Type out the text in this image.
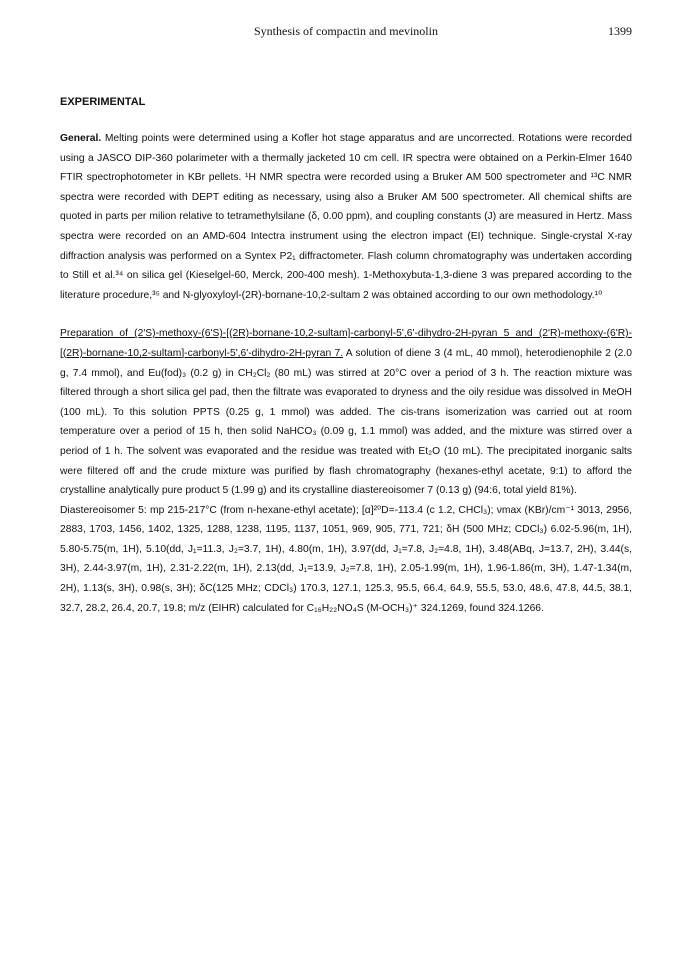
Synthesis of compactin and mevinolin	1399
EXPERIMENTAL

General. Melting points were determined using a Kofler hot stage apparatus and are uncorrected. Rotations were recorded using a JASCO DIP-360 polarimeter with a thermally jacketed 10 cm cell. IR spectra were obtained on a Perkin-Elmer 1640 FTIR spectrophotometer in KBr pellets. ¹H NMR spectra were recorded using a Bruker AM 500 spectrometer and ¹³C NMR spectra were recorded with DEPT editing as necessary, using also a Bruker AM 500 spectrometer. All chemical shifts are quoted in parts per milion relative to tetramethylsilane (δ, 0.00 ppm), and coupling constants (J) are measured in Hertz. Mass spectra were recorded on an AMD-604 Intectra instrument using the electron impact (EI) technique. Single-crystal X-ray diffraction analysis was performed on a Syntex P2₁ diffractometer. Flash column chromatography was undertaken according to Still et al.³⁴ on silica gel (Kieselgel-60, Merck, 200-400 mesh). 1-Methoxybuta-1,3-diene 3 was prepared according to the literature procedure,³⁵ and N-glyoxyloyl-(2R)-bornane-10,2-sultam 2 was obtained according to our own methodology.¹⁰

Preparation of (2'S)-methoxy-(6'S)-[(2R)-bornane-10,2-sultam]-carbonyl-5',6'-dihydro-2H-pyran 5 and (2'R)-methoxy-(6'R)-[(2R)-bornane-10,2-sultam]-carbonyl-5',6'-dihydro-2H-pyran 7. A solution of diene 3 (4 mL, 40 mmol), heterodienophile 2 (2.0 g, 7.4 mmol), and Eu(fod)₃ (0.2 g) in CH₂Cl₂ (80 mL) was stirred at 20°C over a period of 3 h. The reaction mixture was filtered through a short silica gel pad, then the filtrate was evaporated to dryness and the oily residue was dissolved in MeOH (100 mL). To this solution PPTS (0.25 g, 1 mmol) was added. The cis-trans isomerization was carried out at room temperature over a period of 15 h, then solid NaHCO₃ (0.09 g, 1.1 mmol) was added, and the mixture was stirred over a period of 1 h. The solvent was evaporated and the residue was treated with Et₂O (10 mL). The precipitated inorganic salts were filtered off and the crude mixture was purified by flash chromatography (hexanes-ethyl acetate, 9:1) to afford the crystalline analytically pure product 5 (1.99 g) and its crystalline diastereoisomer 7 (0.13 g) (94:6, total yield 81%).

Diastereoisomer 5: mp 215-217°C (from n-hexane-ethyl acetate); [α]²⁰D=-113.4 (c 1.2, CHCl₃); νmax (KBr)/cm⁻¹ 3013, 2956, 2883, 1703, 1456, 1402, 1325, 1288, 1238, 1195, 1137, 1051, 969, 905, 771, 721; δH (500 MHz; CDCl₃) 6.02-5.96(m, 1H), 5.80-5.75(m, 1H), 5.10(dd, J₁=11.3, J₂=3.7, 1H), 4.80(m, 1H), 3.97(dd, J₁=7.8, J₂=4.8, 1H), 3.48(ABq, J=13.7, 2H), 3.44(s, 3H), 2.44-3.97(m, 1H), 2.31-2.22(m, 1H), 2.13(dd, J₁=13.9, J₂=7.8, 1H), 2.05-1.99(m, 1H), 1.96-1.86(m, 3H), 1.47-1.34(m, 2H), 1.13(s, 3H), 0.98(s, 3H); δC(125 MHz; CDCl₃) 170.3, 127.1, 125.3, 95.5, 66.4, 64.9, 55.5, 53.0, 48.6, 47.8, 44.5, 38.1, 32.7, 28.2, 26.4, 20.7, 19.8; m/z (EIHR) calculated for C₁₆H₂₂NO₄S (M-OCH₃)⁺ 324.1269, found 324.1266.
